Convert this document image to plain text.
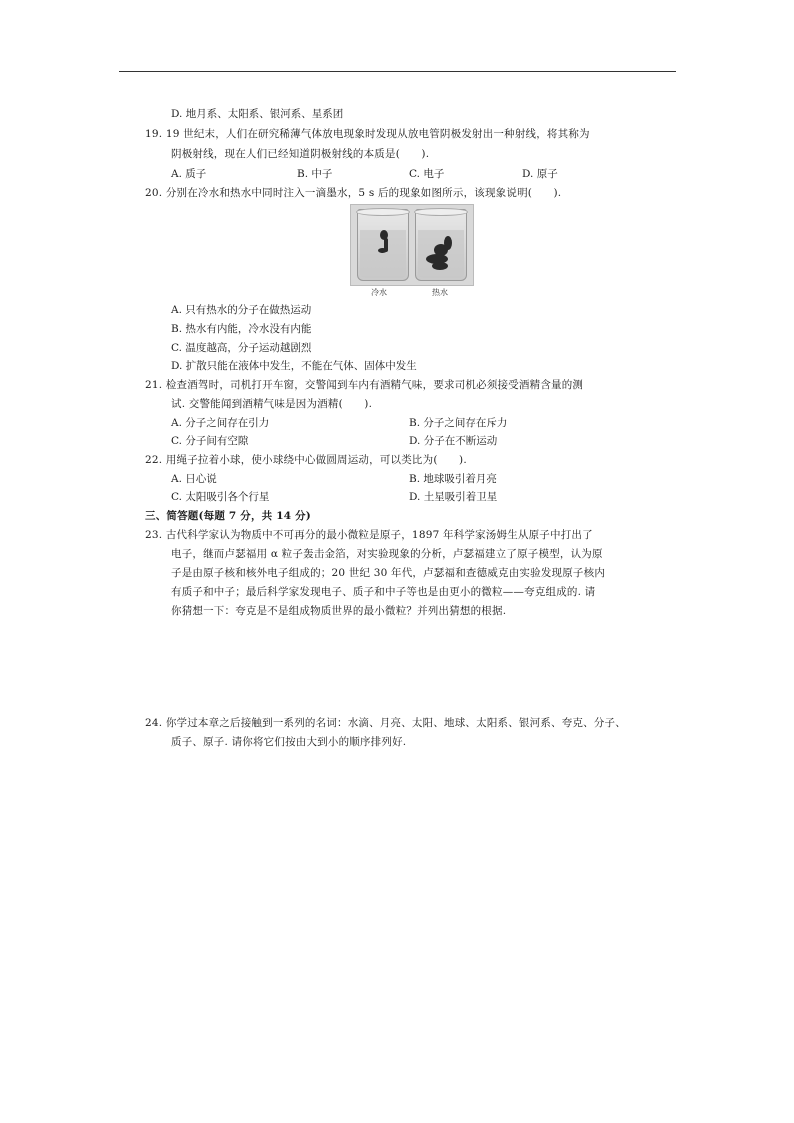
D. 地月系、太阳系、银河系、星系团
19. 19 世纪末，人们在研究稀薄气体放电现象时发现从放电管阴极发射出一种射线，将其称为
阴极射线，现在人们已经知道阴极射线的本质是(　　).
A. 质子	B. 中子	C. 电子	D. 原子
20. 分别在冷水和热水中同时注入一滴墨水，5 s 后的现象如图所示，该现象说明(　　).
冷水	热水
A. 只有热水的分子在做热运动
B. 热水有内能，冷水没有内能
C. 温度越高，分子运动越剧烈
D. 扩散只能在液体中发生，不能在气体、固体中发生
21. 检查酒驾时，司机打开车窗，交警闻到车内有酒精气味，要求司机必须接受酒精含量的测
试. 交警能闻到酒精气味是因为酒精(　　).
A. 分子之间存在引力	B. 分子之间存在斥力
C. 分子间有空隙	D. 分子在不断运动
22. 用绳子拉着小球，使小球绕中心做圆周运动，可以类比为(　　).
A. 日心说	B. 地球吸引着月亮
C. 太阳吸引各个行星	D. 土星吸引着卫星
三、简答题(每题 7 分，共 14 分)
23. 古代科学家认为物质中不可再分的最小微粒是原子，1897 年科学家汤姆生从原子中打出了
电子，继而卢瑟福用 α 粒子轰击金箔，对实验现象的分析，卢瑟福建立了原子模型，认为原
子是由原子核和核外电子组成的；20 世纪 30 年代，卢瑟福和查德威克由实验发现原子核内
有质子和中子；最后科学家发现电子、质子和中子等也是由更小的微粒——夸克组成的. 请
你猜想一下：夸克是不是组成物质世界的最小微粒？并列出猜想的根据.
24. 你学过本章之后接触到一系列的名词：水滴、月亮、太阳、地球、太阳系、银河系、夸克、分子、
质子、原子. 请你将它们按由大到小的顺序排列好.
